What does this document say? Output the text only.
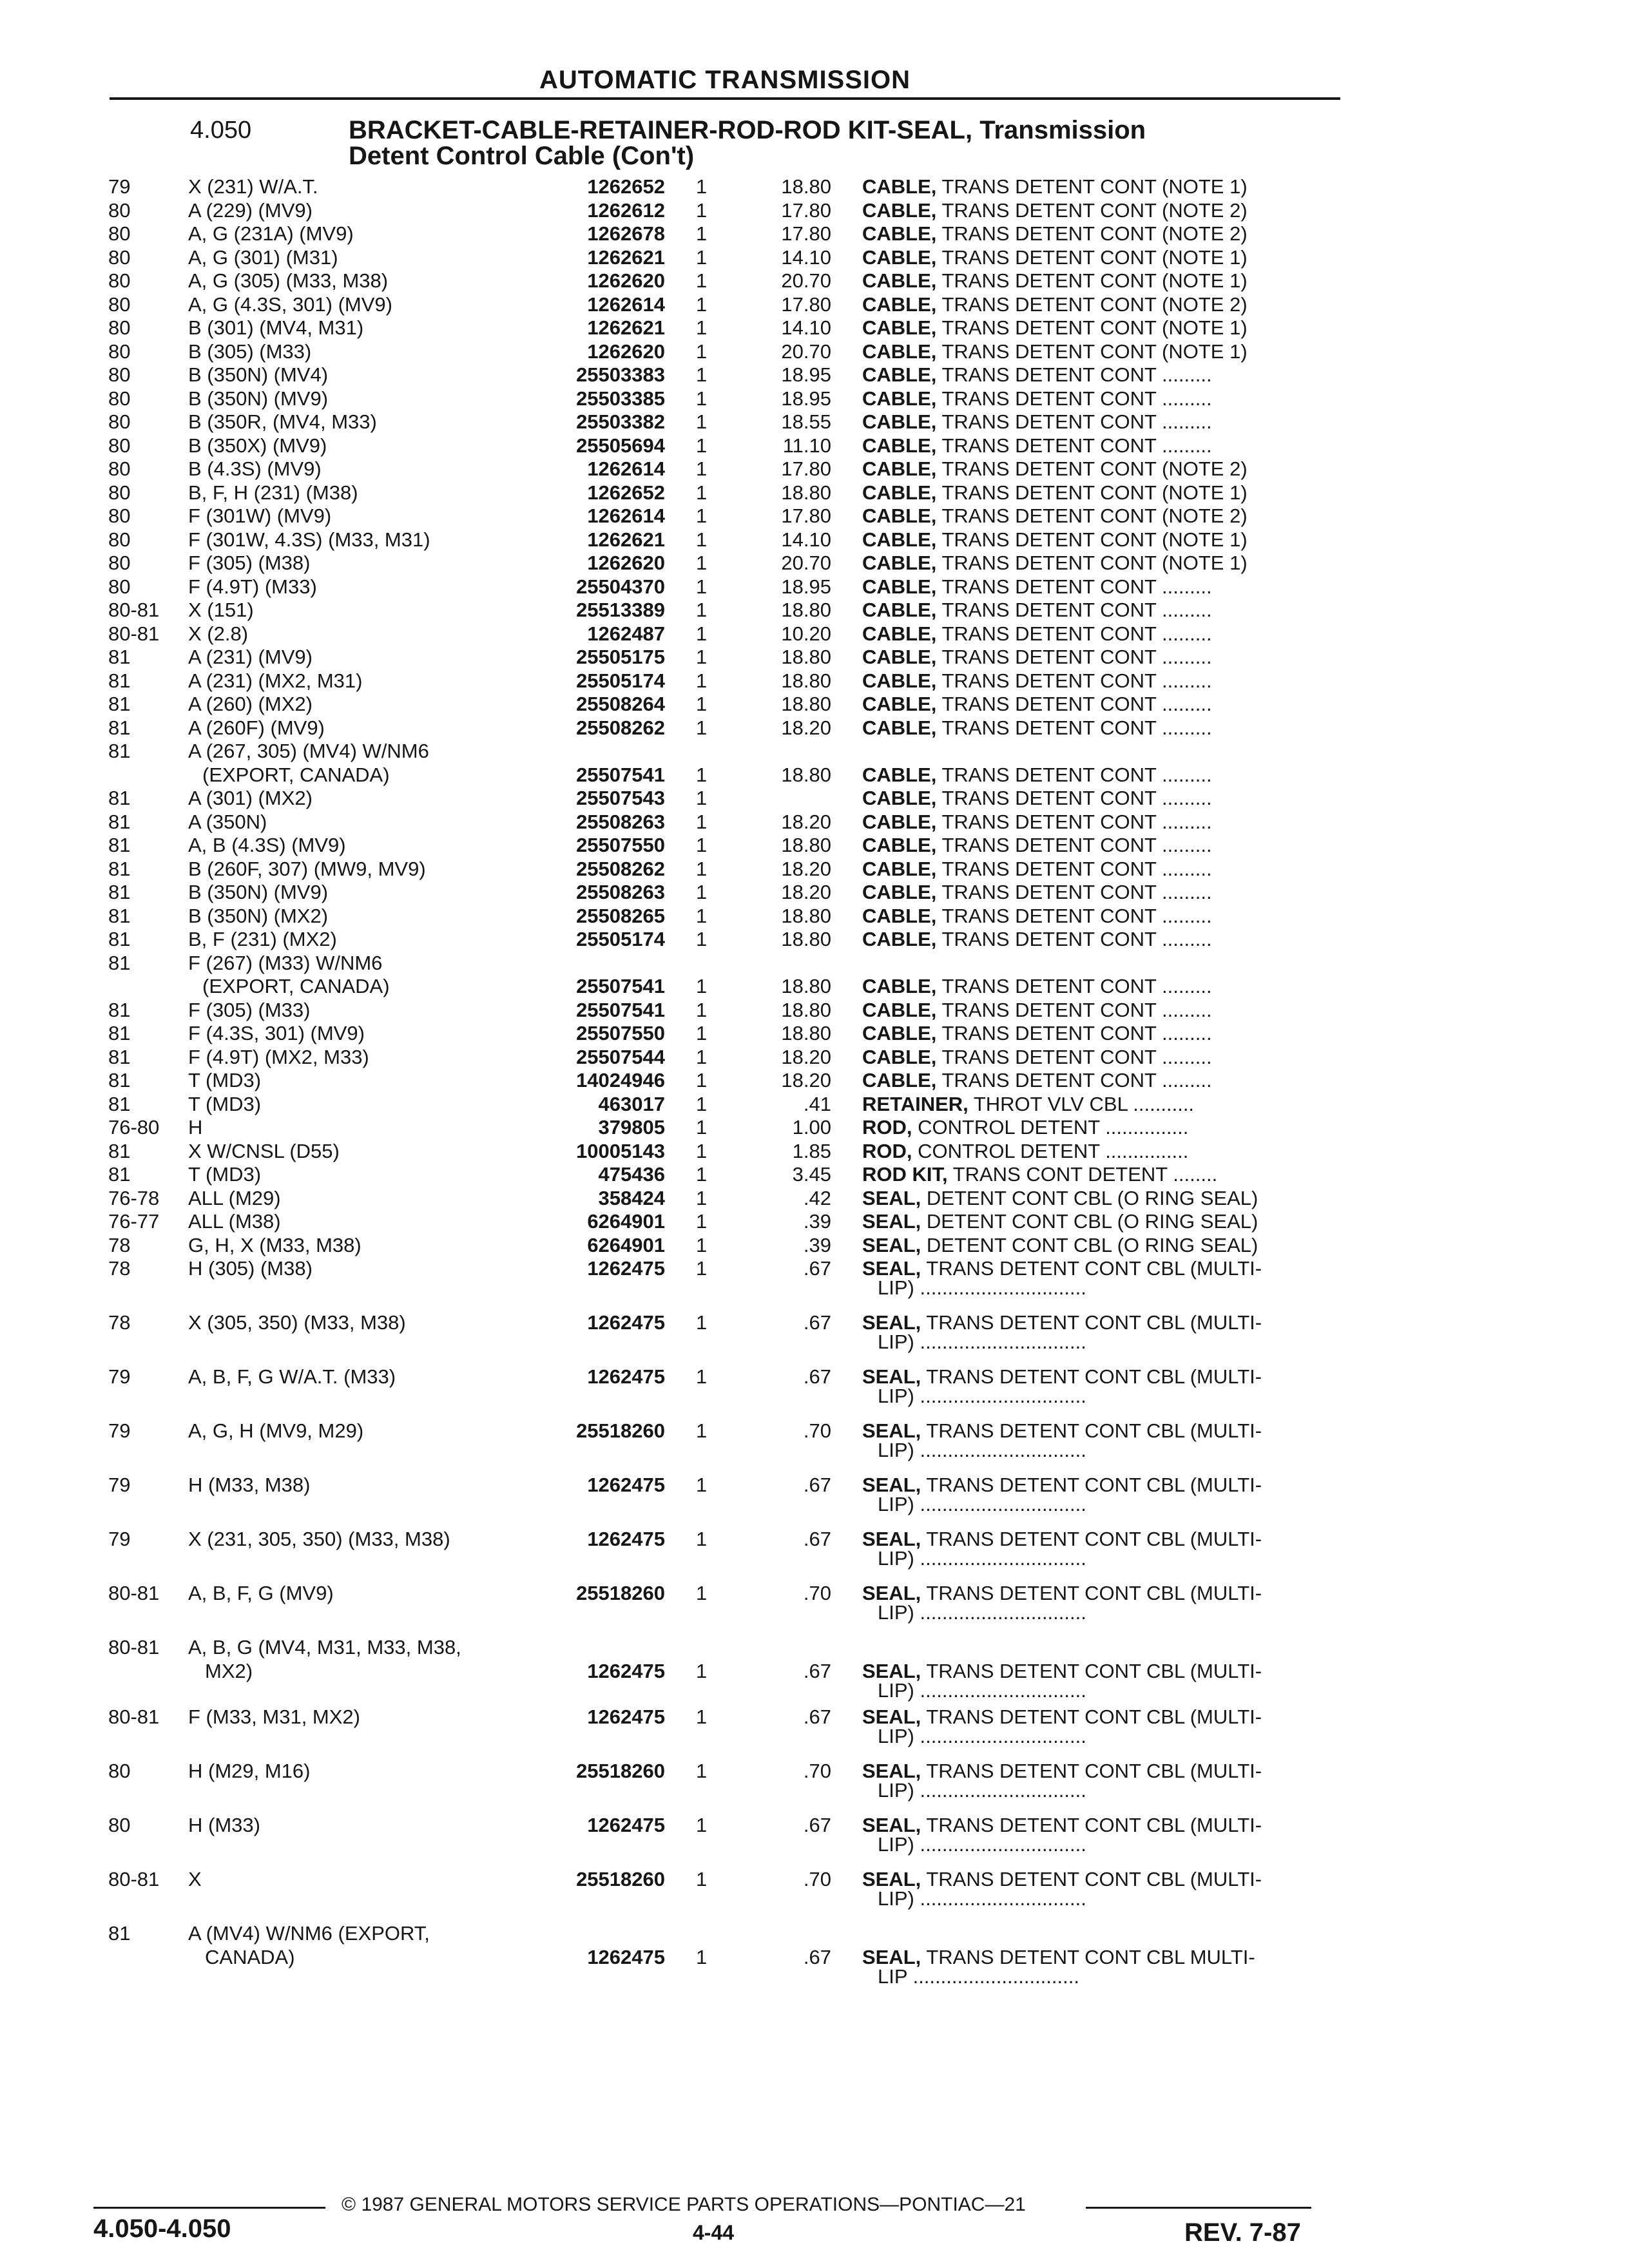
AUTOMATIC TRANSMISSION
4.050	BRACKET-CABLE-RETAINER-ROD-ROD KIT-SEAL, Transmission
Detent Control Cable (Con't)
79	X (231) W/A.T.	1262652 1	18.80 CABLE, TRANS DETENT CONT (NOTE 1)
80	A (229) (MV9)	1262612 1	17.80 CABLE, TRANS DETENT CONT (NOTE 2)
80	A, G (231A) (MV9)	1262678 1	17.80 CABLE, TRANS DETENT CONT (NOTE 2)
80	A, G (301) (M31)	1262621 1	14.10 CABLE, TRANS DETENT CONT (NOTE 1)
80	A, G (305) (M33, M38)	1262620 1	20.70 CABLE, TRANS DETENT CONT (NOTE 1)
80	A, G (4.3S, 301) (MV9)	1262614 1	17.80 CABLE, TRANS DETENT CONT (NOTE 2)
80	B (301) (MV4, M31)	1262621 1	14.10 CABLE, TRANS DETENT CONT (NOTE 1)
80	B (305) (M33)	1262620 1	20.70 CABLE, TRANS DETENT CONT (NOTE 1)
80	B (350N) (MV4)	25503383 1	18.95 CABLE, TRANS DETENT CONT .........
80	B (350N) (MV9)	25503385 1	18.95 CABLE, TRANS DETENT CONT .........
80	B (350R, (MV4, M33)	25503382 1	18.55 CABLE, TRANS DETENT CONT .........
80	B (350X) (MV9)	25505694 1	11.10 CABLE, TRANS DETENT CONT .........
80	B (4.3S) (MV9)	1262614 1	17.80 CABLE, TRANS DETENT CONT (NOTE 2)
80	B, F, H (231) (M38)	1262652 1	18.80 CABLE, TRANS DETENT CONT (NOTE 1)
80	F (301W) (MV9)	1262614 1	17.80 CABLE, TRANS DETENT CONT (NOTE 2)
80	F (301W, 4.3S) (M33, M31)	1262621 1	14.10 CABLE, TRANS DETENT CONT (NOTE 1)
80	F (305) (M38)	1262620 1	20.70 CABLE, TRANS DETENT CONT (NOTE 1)
80	F (4.9T) (M33)	25504370 1	18.95 CABLE, TRANS DETENT CONT .........
80-81	X (151)	25513389 1	18.80 CABLE, TRANS DETENT CONT .........
80-81	X (2.8)	1262487 1	10.20 CABLE, TRANS DETENT CONT .........
81	A (231) (MV9)	25505175 1	18.80 CABLE, TRANS DETENT CONT .........
81	A (231) (MX2, M31)	25505174 1	18.80 CABLE, TRANS DETENT CONT .........
81	A (260) (MX2)	25508264 1	18.80 CABLE, TRANS DETENT CONT .........
81	A (260F) (MV9)	25508262 1	18.20 CABLE, TRANS DETENT CONT .........
81	A (267, 305) (MV4) W/NM6
(EXPORT, CANADA)	25507541 1	18.80 CABLE, TRANS DETENT CONT .........
81	A (301) (MX2)	25507543 1	CABLE, TRANS DETENT CONT .........
81	A (350N)	25508263 1	18.20 CABLE, TRANS DETENT CONT .........
81	A, B (4.3S) (MV9)	25507550 1	18.80 CABLE, TRANS DETENT CONT .........
81	B (260F, 307) (MW9, MV9)	25508262 1	18.20 CABLE, TRANS DETENT CONT .........
81	B (350N) (MV9)	25508263 1	18.20 CABLE, TRANS DETENT CONT .........
81	B (350N) (MX2)	25508265 1	18.80 CABLE, TRANS DETENT CONT .........
81	B, F (231) (MX2)	25505174 1	18.80 CABLE, TRANS DETENT CONT .........
81	F (267) (M33) W/NM6
(EXPORT, CANADA)	25507541 1	18.80 CABLE, TRANS DETENT CONT .........
81	F (305) (M33)	25507541 1	18.80 CABLE, TRANS DETENT CONT .........
81	F (4.3S, 301) (MV9)	25507550 1	18.80 CABLE, TRANS DETENT CONT .........
81	F (4.9T) (MX2, M33)	25507544 1	18.20 CABLE, TRANS DETENT CONT .........
81	T (MD3)	14024946 1	18.20 CABLE, TRANS DETENT CONT .........
81	T (MD3)	463017 1	.41 RETAINER, THROT VLV CBL ...........
76-80	H	379805 1	1.00 ROD, CONTROL DETENT ...............
81	X W/CNSL (D55)	10005143 1	1.85 ROD, CONTROL DETENT ...............
81	T (MD3)	475436 1	3.45 ROD KIT, TRANS CONT DETENT ........
76-78	ALL (M29)	358424 1	.42 SEAL, DETENT CONT CBL (O RING SEAL)
76-77	ALL (M38)	6264901 1	.39 SEAL, DETENT CONT CBL (O RING SEAL)
78	G, H, X (M33, M38)	6264901 1	.39 SEAL, DETENT CONT CBL (O RING SEAL)
78	H (305) (M38)	1262475 1	.67 SEAL, TRANS DETENT CONT CBL (MULTI-
LIP) ..............................
78	X (305, 350) (M33, M38)	1262475 1	.67 SEAL, TRANS DETENT CONT CBL (MULTI-
LIP) ..............................
79	A, B, F, G W/A.T. (M33)	1262475 1	.67 SEAL, TRANS DETENT CONT CBL (MULTI-
LIP) ..............................
79	A, G, H (MV9, M29)	25518260 1	.70 SEAL, TRANS DETENT CONT CBL (MULTI-
LIP) ..............................
79	H (M33, M38)	1262475 1	.67 SEAL, TRANS DETENT CONT CBL (MULTI-
LIP) ..............................
79	X (231, 305, 350) (M33, M38)	1262475 1	.67 SEAL, TRANS DETENT CONT CBL (MULTI-
LIP) ..............................
80-81	A, B, F, G (MV9)	25518260 1	.70 SEAL, TRANS DETENT CONT CBL (MULTI-
LIP) ..............................
80-81	A, B, G (MV4, M31, M33, M38,
MX2)	1262475 1	.67 SEAL, TRANS DETENT CONT CBL (MULTI-
LIP) ..............................
80-81	F (M33, M31, MX2)	1262475 1	.67 SEAL, TRANS DETENT CONT CBL (MULTI-
LIP) ..............................
80	H (M29, M16)	25518260 1	.70 SEAL, TRANS DETENT CONT CBL (MULTI-
LIP) ..............................
80	H (M33)	1262475 1	.67 SEAL, TRANS DETENT CONT CBL (MULTI-
LIP) ..............................
80-81	X	25518260 1	.70 SEAL, TRANS DETENT CONT CBL (MULTI-
LIP) ..............................
81	A (MV4) W/NM6 (EXPORT,
CANADA)	1262475 1	.67 SEAL, TRANS DETENT CONT CBL MULTI-
LIP ..............................
© 1987 GENERAL MOTORS SERVICE PARTS OPERATIONS—PONTIAC—21
4.050-4.050	4-44	REV. 7-87
